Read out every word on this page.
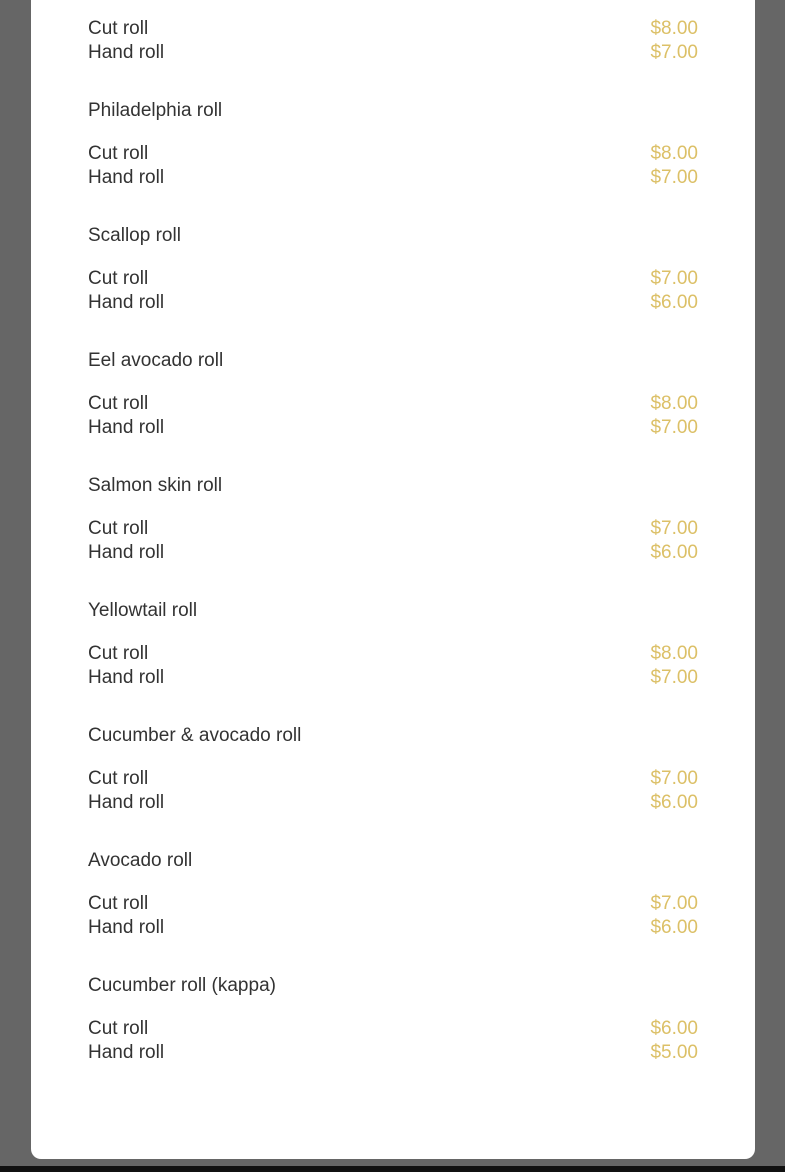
Cut roll	$8.00
Hand roll	$7.00
Philadelphia roll
Cut roll	$8.00
Hand roll	$7.00
Scallop roll
Cut roll	$7.00
Hand roll	$6.00
Eel avocado roll
Cut roll	$8.00
Hand roll	$7.00
Salmon skin roll
Cut roll	$7.00
Hand roll	$6.00
Yellowtail roll
Cut roll	$8.00
Hand roll	$7.00
Cucumber & avocado roll
Cut roll	$7.00
Hand roll	$6.00
Avocado roll
Cut roll	$7.00
Hand roll	$6.00
Cucumber roll (kappa)
Cut roll	$6.00
Hand roll	$5.00
